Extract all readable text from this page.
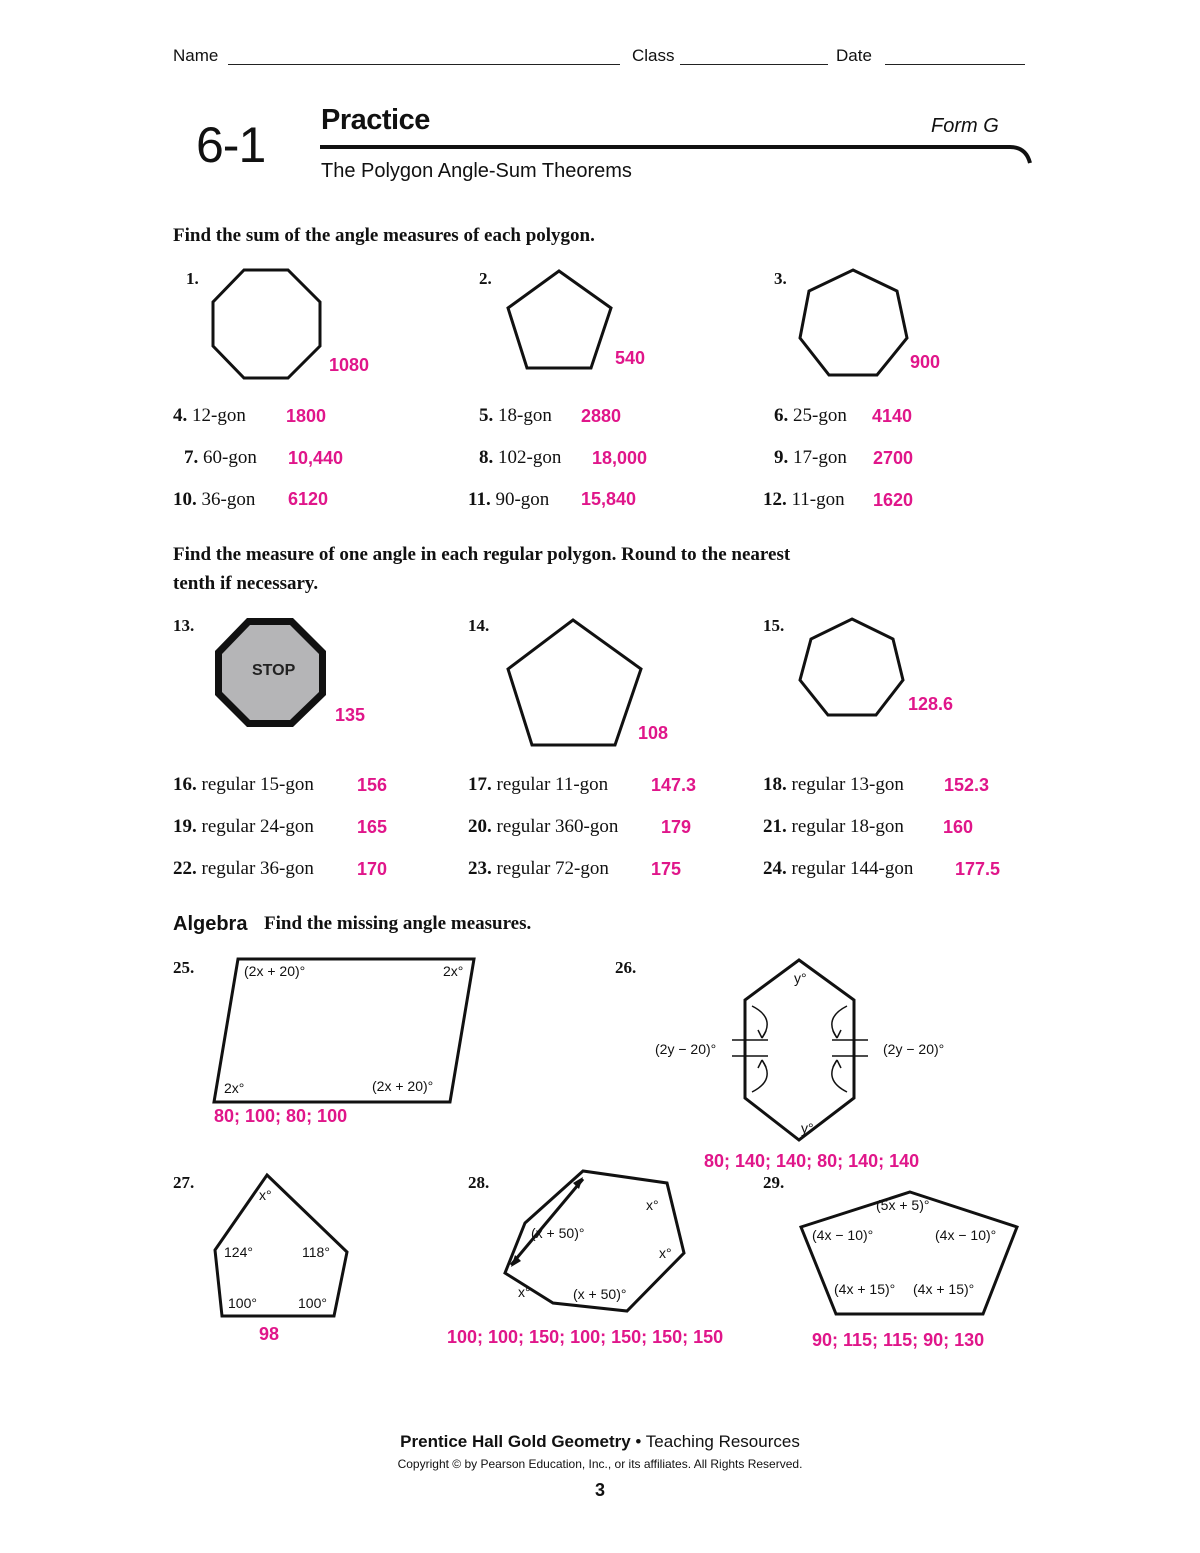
Name	Class	Date
6-1 Practice	Form G
The Polygon Angle-Sum Theorems
Find the sum of the angle measures of each polygon.
1.
1080
2.
540
3.
900
4. 12-gon 1800	5. 18-gon 2880	6. 25-gon 4140
7. 60-gon 10,440	8. 102-gon 18,000	9. 17-gon 2700
10. 36-gon 6120	11. 90-gon 15,840	12. 11-gon 1620
Find the measure of one angle in each regular polygon. Round to the nearest
tenth if necessary.
13.
STOP
135
14.
108
15.
128.6
16. regular 15-gon 156	17. regular 11-gon 147.3	18. regular 13-gon 152.3
19. regular 24-gon 165	20. regular 360-gon 179	21. regular 18-gon 160
22. regular 36-gon 170	23. regular 72-gon 175	24. regular 144-gon 177.5
Algebra Find the missing angle measures.
25.	(2x + 20)°	2x°
2x°	(2x + 20)°
80; 100; 80; 100
26.
y°
y°
(2y − 20)°	(2y − 20)°
80; 140; 140; 80; 140; 140
27.
x°
124°	118°
100°	100°
98
28.
(x + 50)°
x°
x°
x°	(x + 50)°
100; 100; 150; 100; 150; 150; 150
29.
(5x + 5)°
(4x − 10)°	(4x − 10)°
(4x + 15)° (4x + 15)°
90; 115; 115; 90; 130
Prentice Hall Gold Geometry • Teaching Resources
Copyright © by Pearson Education, Inc., or its affiliates. All Rights Reserved.
3
